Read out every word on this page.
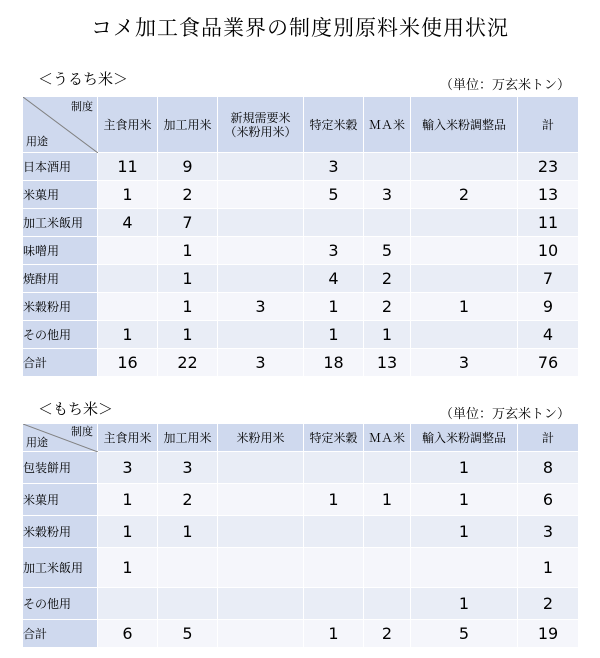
コメ加工食品業界の制度別原料米使用状況
＜うるち米＞	（単位：万玄米トン）
制度
用途	主食用米	加工用米	新規需要米
（米粉用米）	特定米穀	ＭＡ米	輸入米粉調整品	計
日本酒用	11	9		3			23
米菓用	1	2		5	3	2	13
加工米飯用	4	7					11
味噌用		1		3	5		10
焼酎用		1		4	2		7
米穀粉用		1	3	1	2	1	9
その他用	1	1		1	1		4
合計	16	22	3	18	13	3	76
＜もち米＞	（単位：万玄米トン）
制度
用途	主食用米	加工用米	米粉用米	特定米穀	ＭＡ米	輸入米粉調整品	計
包装餅用	3	3				1	8
米菓用	1	2		1	1	1	6
米穀粉用	1	1				1	3
加工米飯用	1						1
その他用						1	2
合計	6	5		1	2	5	19
